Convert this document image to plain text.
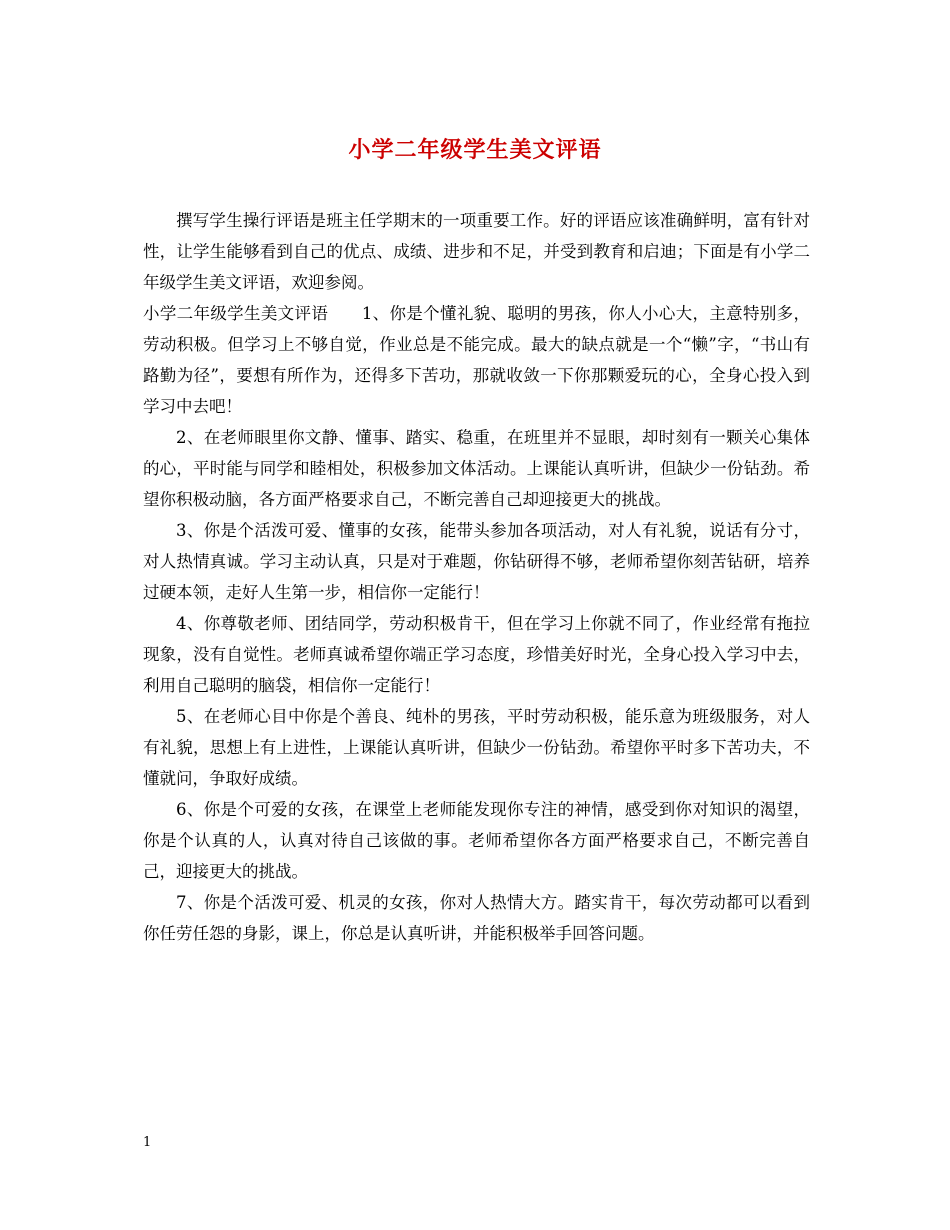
小学二年级学生美文评语

撰写学生操行评语是班主任学期末的一项重要工作。好的评语应该准确鲜明，富有针对性，让学生能够看到自己的优点、成绩、进步和不足，并受到教育和启迪；下面是有小学二年级学生美文评语，欢迎参阅。

小学二年级学生美文评语　　1、你是个懂礼貌、聪明的男孩，你人小心大，主意特别多，劳动积极。但学习上不够自觉，作业总是不能完成。最大的缺点就是一个“懒”字，“书山有路勤为径”，要想有所作为，还得多下苦功，那就收敛一下你那颗爱玩的心，全身心投入到学习中去吧！

2、在老师眼里你文静、懂事、踏实、稳重，在班里并不显眼，却时刻有一颗关心集体的心，平时能与同学和睦相处，积极参加文体活动。上课能认真听讲，但缺少一份钻劲。希望你积极动脑，各方面严格要求自己，不断完善自己却迎接更大的挑战。

3、你是个活泼可爱、懂事的女孩，能带头参加各项活动，对人有礼貌，说话有分寸，对人热情真诚。学习主动认真，只是对于难题，你钻研得不够，老师希望你刻苦钻研，培养过硬本领，走好人生第一步，相信你一定能行！

4、你尊敬老师、团结同学，劳动积极肯干，但在学习上你就不同了，作业经常有拖拉现象，没有自觉性。老师真诚希望你端正学习态度，珍惜美好时光，全身心投入学习中去，利用自己聪明的脑袋，相信你一定能行！

5、在老师心目中你是个善良、纯朴的男孩，平时劳动积极，能乐意为班级服务，对人有礼貌，思想上有上进性，上课能认真听讲，但缺少一份钻劲。希望你平时多下苦功夫，不懂就问，争取好成绩。

6、你是个可爱的女孩，在课堂上老师能发现你专注的神情，感受到你对知识的渴望，你是个认真的人，认真对待自己该做的事。老师希望你各方面严格要求自己，不断完善自己，迎接更大的挑战。

7、你是个活泼可爱、机灵的女孩，你对人热情大方。踏实肯干，每次劳动都可以看到你任劳任怨的身影，课上，你总是认真听讲，并能积极举手回答问题。

1
